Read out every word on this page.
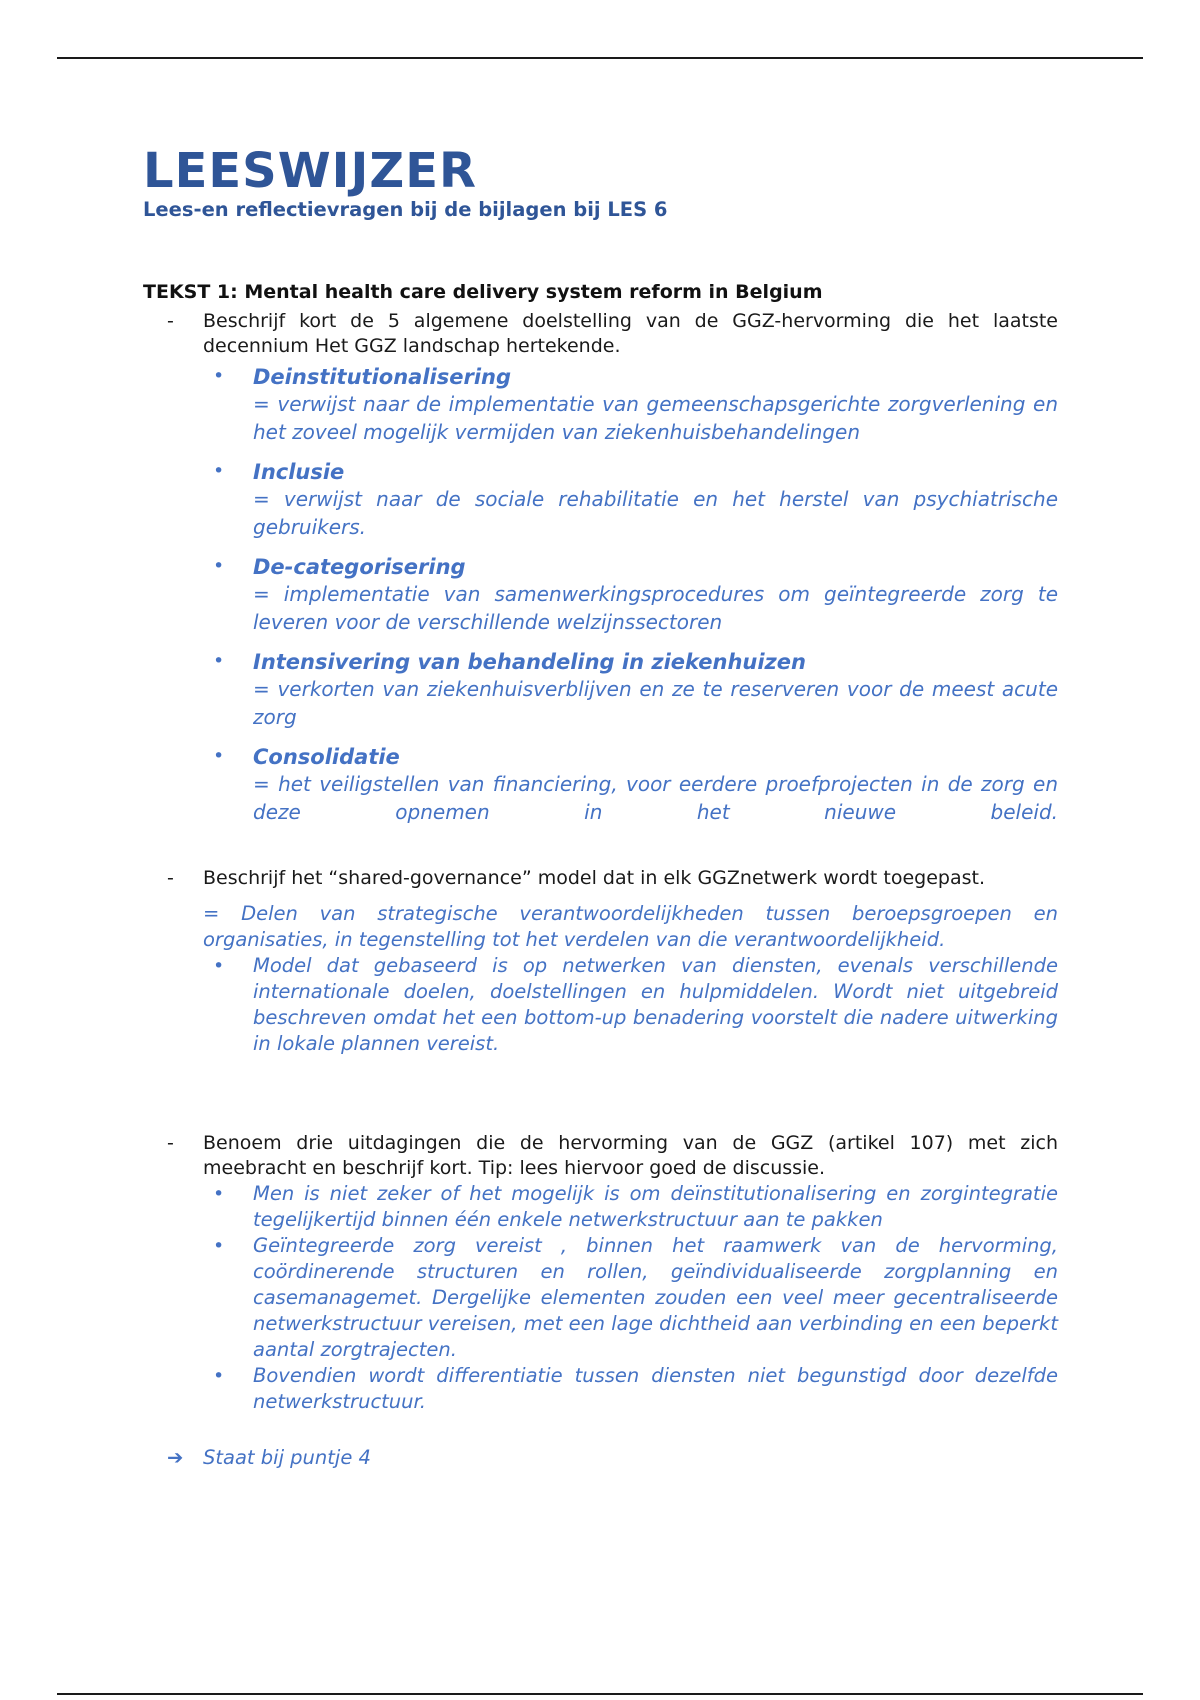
LEESWIJZER

Lees-en reflectievragen bij de bijlagen bij LES 6

TEKST 1: Mental health care delivery system reform in Belgium
-	Beschrijf kort de 5 algemene doelstelling van de GGZ-hervorming die het laatste decennium Het GGZ landschap hertekende.

•	Deinstitutionalisering
= verwijst naar de implementatie van gemeenschapsgerichte zorgverlening en het zoveel mogelijk vermijden van ziekenhuisbehandelingen
•	Inclusie
= verwijst naar de sociale rehabilitatie en het herstel van psychiatrische gebruikers.
•	De-categorisering
= implementatie van samenwerkingsprocedures om geïntegreerde zorg te leveren voor de verschillende welzijnssectoren
•	Intensivering van behandeling in ziekenhuizen
= verkorten van ziekenhuisverblijven en ze te reserveren voor de meest acute zorg
•	Consolidatie
= het veiligstellen van financiering, voor eerdere proefprojecten in de zorg en deze opnemen in het nieuwe beleid.
-	Beschrijf het “shared-governance” model dat in elk GGZnetwerk wordt toegepast.

= Delen van strategische verantwoordelijkheden tussen beroepsgroepen en organisaties, in tegenstelling tot het verdelen van die verantwoordelijkheid.

•	Model dat gebaseerd is op netwerken van diensten, evenals verschillende internationale doelen, doelstellingen en hulpmiddelen. Wordt niet uitgebreid beschreven omdat het een bottom-up benadering voorstelt die nadere uitwerking in lokale plannen vereist.
-	Benoem drie uitdagingen die de hervorming van de GGZ (artikel 107) met zich meebracht en beschrijf kort. Tip: lees hiervoor goed de discussie.

•	Men is niet zeker of het mogelijk is om deïnstitutionalisering en zorgintegratie tegelijkertijd binnen één enkele netwerkstructuur aan te pakken
•	Geïntegreerde zorg vereist , binnen het raamwerk van de hervorming, coördinerende structuren en rollen, geïndividualiseerde zorgplanning en casemanagemet. Dergelijke elementen zouden een veel meer gecentraliseerde netwerkstructuur vereisen, met een lage dichtheid aan verbinding en een beperkt aantal zorgtrajecten.
•	Bovendien wordt differentiatie tussen diensten niet begunstigd door dezelfde netwerkstructuur.
➔	Staat bij puntje 4
